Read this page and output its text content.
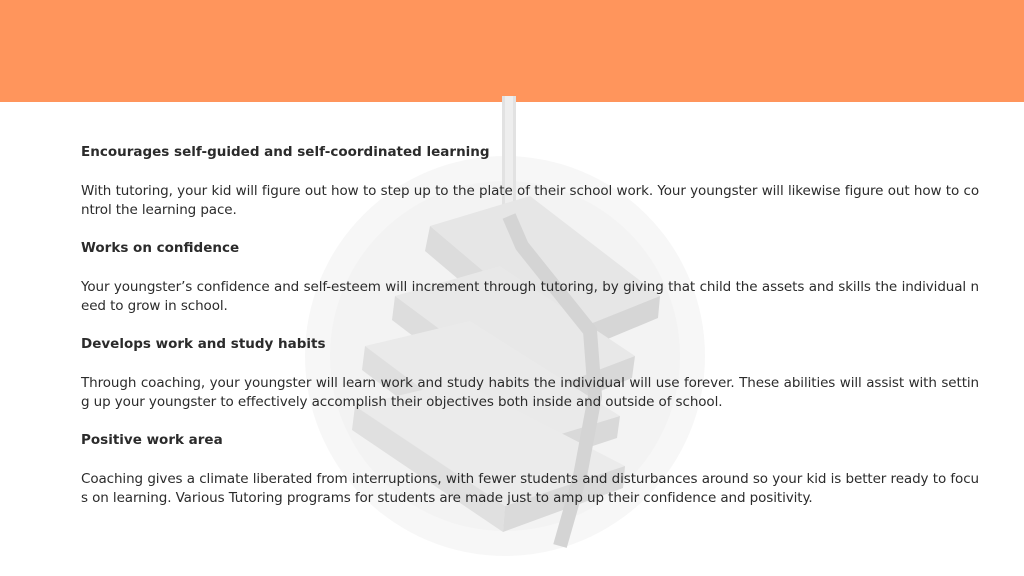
Encourages self-guided and self-coordinated learning

With tutoring, your kid will figure out how to step up to the plate of their school work. Your youngster will likewise figure out how to control the learning pace.

Works on confidence

Your youngster’s confidence and self-esteem will increment through tutoring, by giving that child the assets and skills the individual need to grow in school.

Develops work and study habits

Through coaching, your youngster will learn work and study habits the individual will use forever. These abilities will assist with setting up your youngster to effectively accomplish their objectives both inside and outside of school.

Positive work area

Coaching gives a climate liberated from interruptions, with fewer students and disturbances around so your kid is better ready to focus on learning. Various Tutoring programs for students are made just to amp up their confidence and positivity.
